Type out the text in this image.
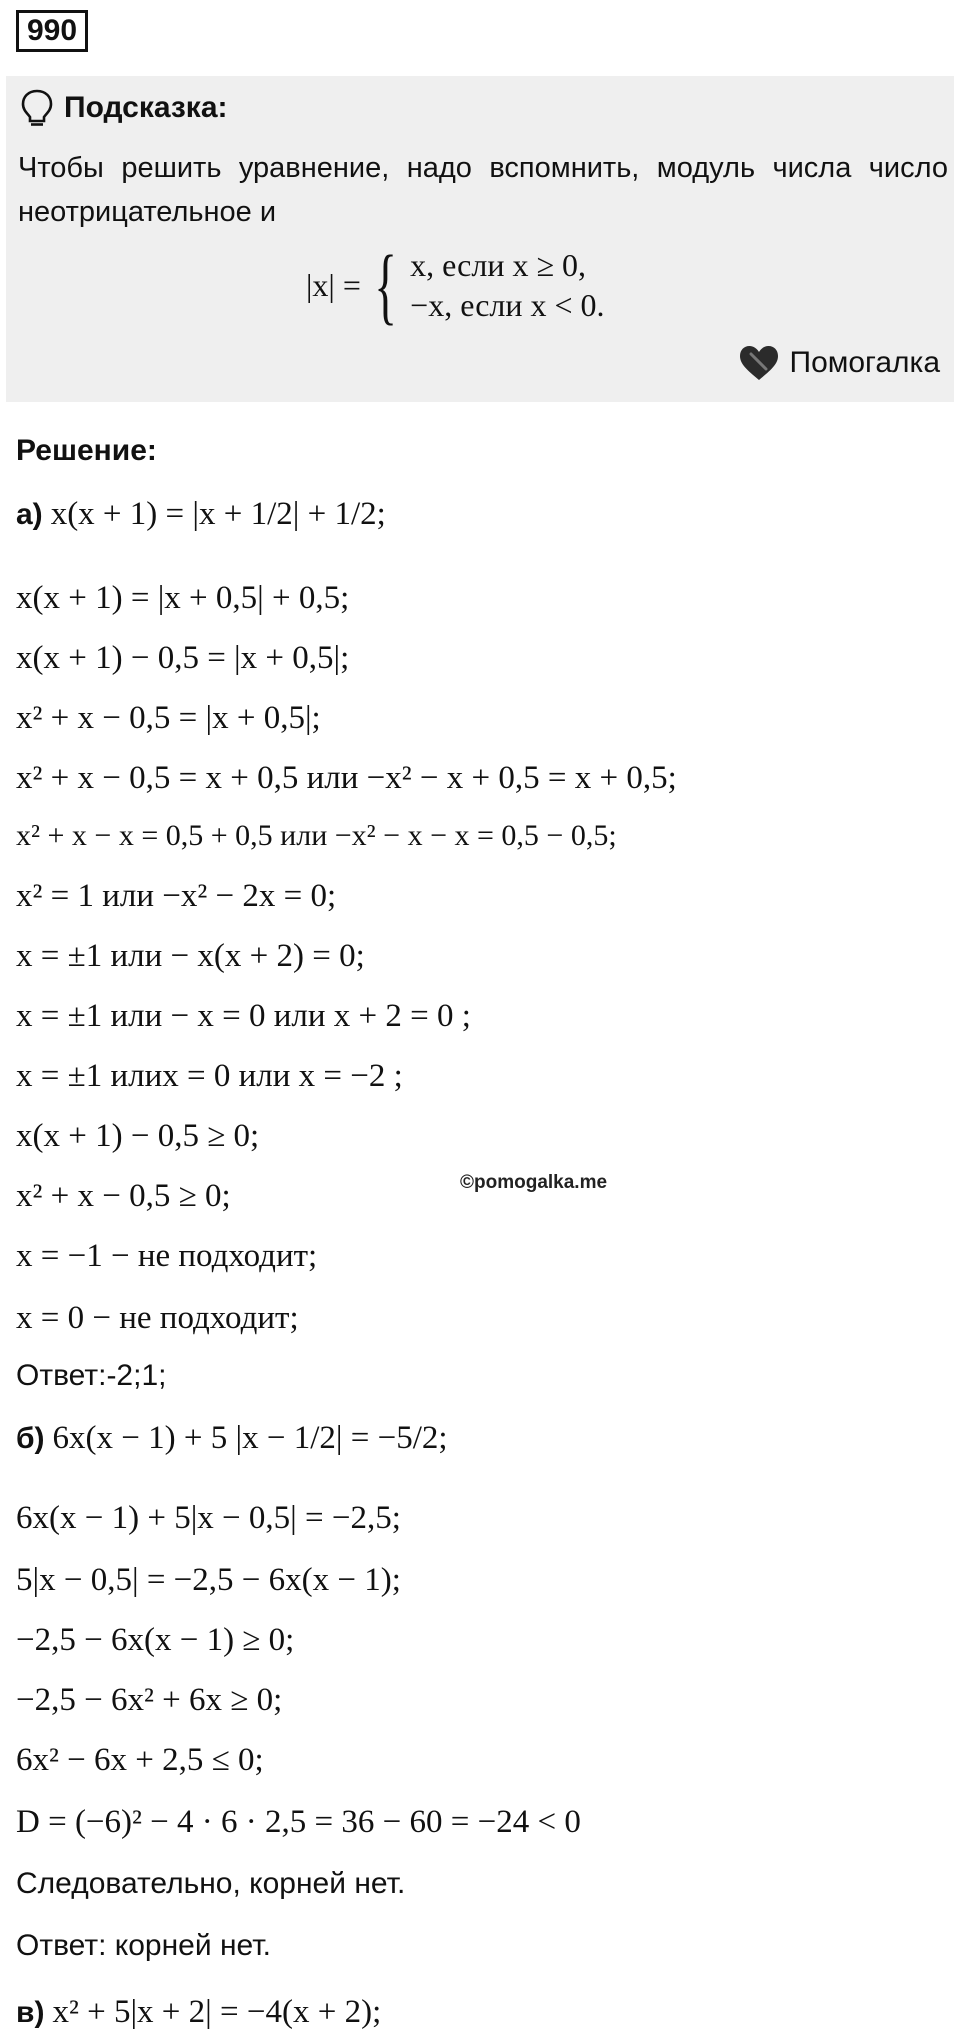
990
Подсказка:
Чтобы решить уравнение, надо вспомнить, модуль числа число неотрицательное и
|x| = { x, если x ≥ 0,
−x, если x < 0.
Помогалка
Решение:
а) x(x + 1) = |x + 1/2| + 1/2;
x(x + 1) = |x + 0,5| + 0,5;
x(x + 1) − 0,5 = |x + 0,5|;
x² + x − 0,5 = |x + 0,5|;
x² + x − 0,5 = x + 0,5 или −x² − x + 0,5 = x + 0,5;
x² + x − x = 0,5 + 0,5 или −x² − x − x = 0,5 − 0,5;
x² = 1 или −x² − 2x = 0;
x = ±1 или − x(x + 2) = 0;
x = ±1 или − x = 0 или x + 2 = 0 ;
x = ±1 илиx = 0 или x = −2 ;
x(x + 1) − 0,5 ≥ 0;
x² + x − 0,5 ≥ 0;
x = −1 − не подходит;
x = 0 − не подходит;
Ответ:-2;1;
б) 6x(x − 1) + 5 |x − 1/2| = −5/2;
6x(x − 1) + 5|x − 0,5| = −2,5;
5|x − 0,5| = −2,5 − 6x(x − 1);
−2,5 − 6x(x − 1) ≥ 0;
−2,5 − 6x² + 6x ≥ 0;
6x² − 6x + 2,5 ≤ 0;
D = (−6)² − 4 · 6 · 2,5 = 36 − 60 = −24 < 0
Следовательно, корней нет.
Ответ: корней нет.
в) x² + 5|x + 2| = −4(x + 2);
©pomogalka.me
